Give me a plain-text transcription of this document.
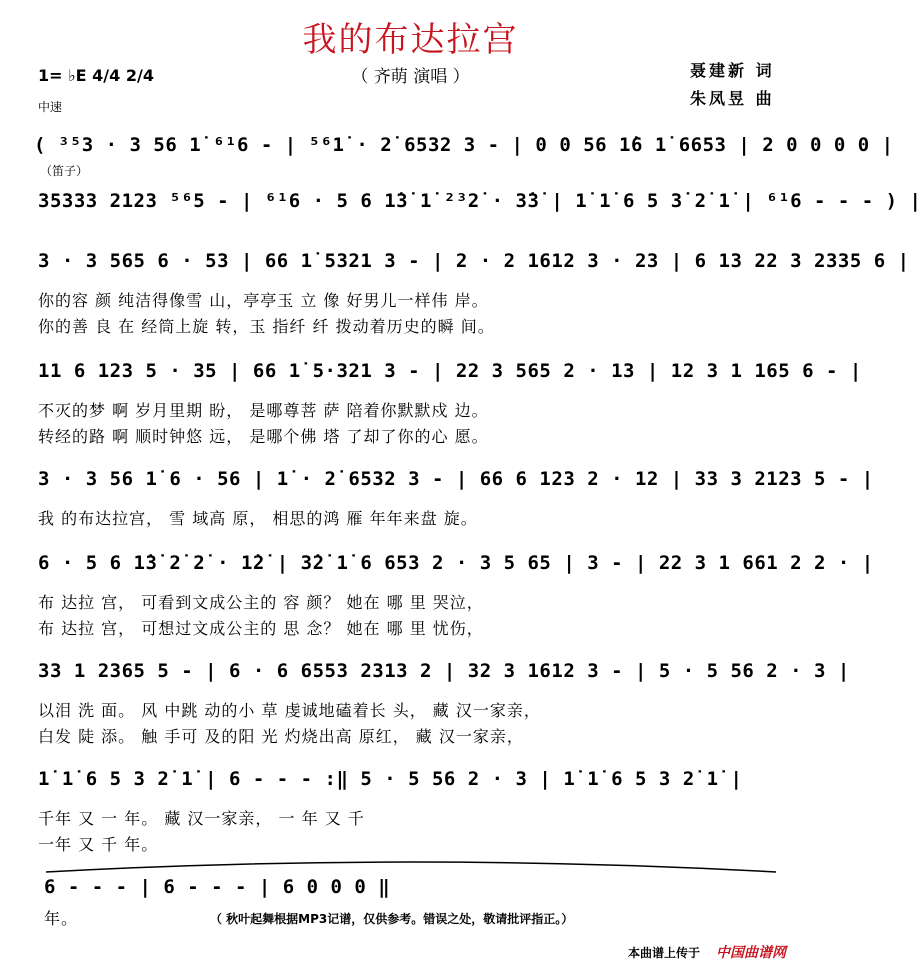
我的布达拉宫
（ 齐萌 演唱 ）
1= ♭E 4/4 2/4
中速
聂建新 词
朱凤昱 曲
( ³⁵3 · 3 56 1̇ ⁶¹6 - | ⁵⁶1̇ · 2̇ 6532 3 - | 0 0 56 1̇6 1̇ 6653 | 2 0 0 0 0 |
（笛子）
35333 2123 ⁵⁶5 - | ⁶¹6 · 5 6 1̇3̇ 1̇ ²³2̇ · 3̇3̇ | 1̇ 1̇ 6 5 3̇ 2̇ 1̇ | ⁶¹6 - - - ) |
3 · 3 565 6 · 53 | 66 1̇ 5321 3 - | 2 · 2 1612 3 · 23 | 6 13 22 3 2335 6 |
你的容 颜 纯洁得像雪 山，亭亭玉 立 像 好男儿一样伟 岸。
你的善 良 在 经筒上旋 转，玉 指纤 纤 拨动着历史的瞬 间。
11 6 123 5 · 35 | 66 1̇ 5·321 3 - | 22 3 565 2 · 13 | 12 3 1 165 6 - |
不灭的梦 啊 岁月里期 盼， 是哪尊菩 萨 陪着你默默戍 边。
转经的路 啊 顺时钟悠 远， 是哪个佛 塔 了却了你的心 愿。
3 · 3 56 1̇ 6 · 56 | 1̇ · 2̇ 6532 3 - | 66 6 123 2 · 12 | 33 3 2123 5 - |
我 的布达拉宫， 雪 域高 原， 相思的鸿 雁 年年来盘 旋。
6 · 5 6 1̇3̇ 2̇ 2̇ · 1̇2̇ | 3̇2̇ 1̇ 6 653 2 · 3 5 65 | 3 - | 22 3 1 661 2 2 · |
布 达拉 宫， 可看到文成公主的 容 颜？ 她在 哪 里 哭泣，
布 达拉 宫， 可想过文成公主的 思 念？ 她在 哪 里 忧伤，
33 1 2365 5 - | 6 · 6 6553 2313 2 | 32 3 1612 3 - | 5 · 5 56 2 · 3 |
以泪 洗 面。 风 中跳 动的小 草 虔诚地磕着长 头， 藏 汉一家亲，
白发 陡 添。 触 手可 及的阳 光 灼烧出高 原红， 藏 汉一家亲，
1̇ 1̇ 6 5 3 2̇ 1̇ | 6 - - - :‖ 5 · 5 56 2 · 3 | 1̇ 1̇ 6 5 3 2̇ 1̇ |
千年 又 一 年。 藏 汉一家亲， 一 年 又 千
一年 又 千 年。
6 - - - | 6 - - - | 6 0 0 0 ‖
年。	（ 秋叶起舞根据MP3记谱，仅供参考。错误之处，敬请批评指正。）
本曲谱上传于 中国曲谱网
